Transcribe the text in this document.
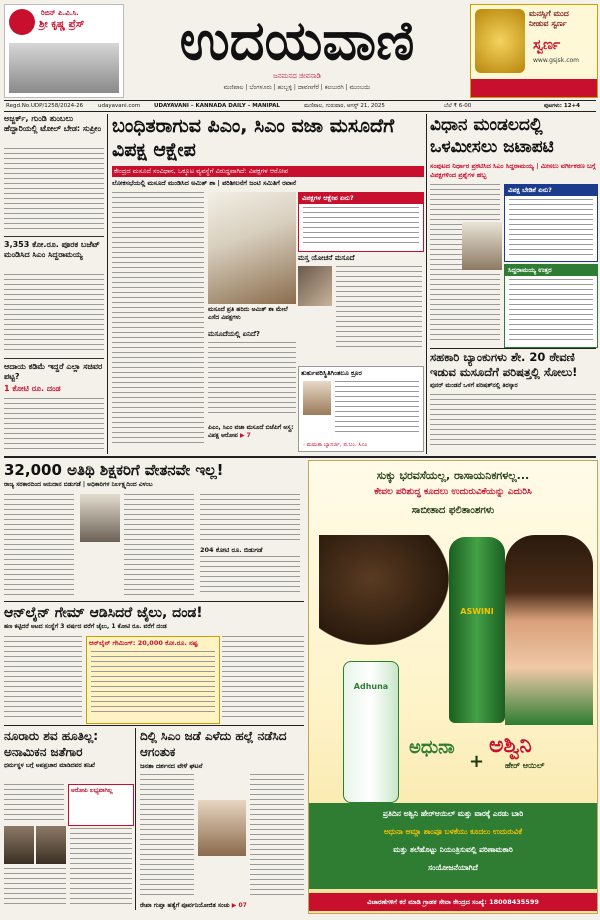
ರಿಬಿನ್ ಪಿ.ವಿ.ಸಿ.
ಶ್ರೀ ಕೃಷ್ಣ ಪ್ರೆಸ್	ಉದಯವಾಣಿ
ಜನಮನದ ಜೀವನಾಡಿ
ಮಣಿಪಾಲ | ಬೆಂಗಳೂರು | ಹುಬ್ಬಳ್ಳಿ | ದಾವಣಗೆರೆ | ಕಲಬುರಗಿ | ಮುಂಬಯಿ
ಮನಸ್ಸಿಗೆ ಮುದ
ನೀಡುವ ಸ್ವರ್ಣ
ಸ್ವರ್ಣ
www.gsjsk.com
Regd.No.UDP/1258/2024-26	udayavani.com	UDAYAVANI – KANNADA DAILY – MANIPAL	ಮಣಿಪಾಲ, ಗುರುವಾರ, ಆಗಸ್ಟ್ 21, 2025	ಬೆಲೆ ₹ 6-00	ಪುಟಗಳು: 12+4
ಅಜ್ಜರ್ಕ್, ಗುಂಡಿ ತುಂಬಲು ಹೆದ್ದಾರಿಯಲ್ಲಿ ಟೋಲ್ ಬೇಡ: ಸುಪ್ರೀಂ
3,353 ಕೋ.ರೂ. ಪೂರಕ ಬಜೆಟ್ ಮಂಡಿಸಿದ ಸಿಎಂ ಸಿದ್ದರಾಮಯ್ಯ
ಆದಾಯ ಕಡಿಮೆ ಇದ್ದರೆ ಎಲ್ಲಾ ಸಚಿವರ ಪಟ್ಟ?
1 ಕೋಟಿ ರೂ. ದಂಡ
ಬಂಧಿತರಾಗುವ ಪಿಎಂ, ಸಿಎಂ ವಜಾ ಮಸೂದೆಗೆ ವಿಪಕ್ಷ ಆಕ್ಷೇಪ
ಕೇಂದ್ರದ ಮಸೂದೆ ಸಂವಿಧಾನ, ಒಕ್ಕೂಟ ವ್ಯವಸ್ಥೆಗೆ ವಿರುದ್ಧವಾಗಿದೆ: ವಿಪಕ್ಷಗಳ ಆರೋಪ
ಲೋಕಸಭೆಯಲ್ಲಿ ಮಸೂದೆ ಮಂಡಿಸಿದ ಅಮಿತ್ ಶಾ | ಪರಿಶೀಲನೆಗೆ ಜಂಟಿ ಸಮಿತಿಗೆ ರವಾನೆ
ವಿಪಕ್ಷಗಳ ಆಕ್ಷೇಪ ಏನು?
ಮಸೂದೆ ಪ್ರತಿ ಹರಿದು ಅಮಿತ್ ಶಾ ಮೇಲೆ ಎಸೆದ ವಿಪಕ್ಷಗಳು
ಮಸ್ತ ಯೋಚನೆ ಮಸೂದೆ
ಮಸೂದೆಯಲ್ಲಿ ಏನಿದೆ?
ತುರ್ತುಪರಿಸ್ಥಿತಿಗಿಂತಲೂ ಕ್ರೂರ
- ಮಮತಾ ಬ್ಯಾನರ್ಜಿ, ಪ.ಬಂ. ಸಿಎಂ
ಪಿಎಂ, ಸಿಎಂ ವಜಾ ಮಸೂದೆ ಬಿಜೆಪಿಗೆ ಅಸ್ತ್ರ: ವಿಪಕ್ಷ ಆರೋಪ ▶ 7
ವಿಧಾನ ಮಂಡಲದಲ್ಲಿ ಒಳಮೀಸಲು ಜಟಾಪಟಿ
ಸಂಪುಟದ ನಿರ್ಧಾರ ಪ್ರಕಟಿಸಿದ ಸಿಎಂ ಸಿದ್ದರಾಮಯ್ಯ | ಮೀಸಲು ವರ್ಗೀಕರಣ ಬಗ್ಗೆ ವಿಪಕ್ಷಗಳಿಂದ ಪ್ರಶ್ನೆಗಳ ಹಬ್ಬ
ವಿಪಕ್ಷ ಬೇಡಿಕೆ ಏನು?
ಸಿದ್ದರಾಮಯ್ಯ ಉತ್ತರ
ಸಹಕಾರಿ ಬ್ಯಾಂಕುಗಳು ಶೇ. 20 ಠೇವಣಿ ಇಡುವ ಮಸೂದೆಗೆ ಪರಿಷತ್ತಲ್ಲಿ ಸೋಲು!
ಪುನರ್ ಮಂಡನೆ ಒಳಗೆ ಪರಿಷತ್‌ನಲ್ಲಿ ತಿರಸ್ಕಾರ
32,000 ಅತಿಥಿ ಶಿಕ್ಷಕರಿಗೆ ವೇತನವೇ ಇಲ್ಲ!
ರಾಜ್ಯ ಸರಕಾರದಿಂದ ಅನುದಾನ ಬಿಡುಗಡೆ | ಅಧಿಕಾರಿಗಳ ನಿರ್ಲಕ್ಷ್ಯದಿಂದ ವಿಳಂಬ
204 ಕೋಟಿ ರೂ. ಬಿಡುಗಡೆ
ಆನ್‌ಲೈನ್ ಗೇಮ್ ಆಡಿಸಿದರೆ ಜೈಲು, ದಂಡ!
ಹಣ ಕಟ್ಟಿದರೆ ಆಟದ ಸಂಸ್ಥೆಗೆ 3 ವರ್ಷದ ವರೆಗೆ ಜೈಲು, 1 ಕೋಟಿ ರೂ. ವರೆಗೆ ದಂಡ
ಆನ್‌ಲೈನ್ ಗೇಮಿಂಗ್: 20,000 ಕೋ.ರೂ. ನಷ್ಟ
ನೂರಾರು ಶವ ಹೂತಿಲ್ಲ: ಅನಾಮಿಕನ ಜತೆಗಾರ
ಧರ್ಮಸ್ಥಳ ಬಗ್ಗೆ ಅಪಪ್ರಚಾರ ಮಾಡಿದವರ ತನಿಖೆ
ಅರೋಪಿ ಲಭ್ಯವಾಗಿಲ್ಲ
ದಿಲ್ಲಿ ಸಿಎಂ ಜಡೆ ಎಳೆದು ಹಲ್ಲೆ ನಡೆಸಿದ ಆಗಂತುಕ
ಜನತಾ ದರ್ಶನದ ವೇಳೆ ಘಟನೆ
ರೇಖಾ ಗುಪ್ತಾ ಹತ್ಯೆಗೆ ಪೂರ್ವನಿಯೋಜಿತ ಸಂಚು ▶ 07
ಸುಕ್ಕು ಭರವಸೆಯಲ್ಲ, ರಾಸಾಯನಿಕಗಳಲ್ಲ...
ಕೇವಲ ಪರಿಶುದ್ಧ ಕೂದಲು ಉದುರುವಿಕೆಯನ್ನು ಎದುರಿಸಿ
ಸಾಬೀತಾದ ಫಲಿತಾಂಶಗಳು
ASWINI
Adhuna
ಅಧುನಾ
+
ಅಶ್ವಿನಿ
ಹೇರ್ ಆಯಿಲ್
ಪ್ರತಿದಿನ ಅಶ್ವಿನಿ ಹೇರ್‌ಆಯಿಲ್ ಮತ್ತು ವಾರಕ್ಕೆ ಎರಡು ಬಾರಿ
ಅಧುನಾ ಆಮ್ಲಾ ಶಾಂಪೂ ಬಳಕೆಯು ಕೂದಲು ಉದುರುವಿಕೆ
ಮತ್ತು ತಲೆಹೊಟ್ಟು ನಿಯಂತ್ರಿಸುವಲ್ಲಿ ಪರಿಣಾಮಕಾರಿ
ಸಂಯೋಜನೆಯಾಗಿದೆ
ವಿಚಾರಣೆಗಳಿಗೆ ಕರೆ ಮಾಡಿ ಗ್ರಾಹಕ ಸೇವಾ ಕೇಂದ್ರದ ಸಂಖ್ಯೆ: 18008435599
